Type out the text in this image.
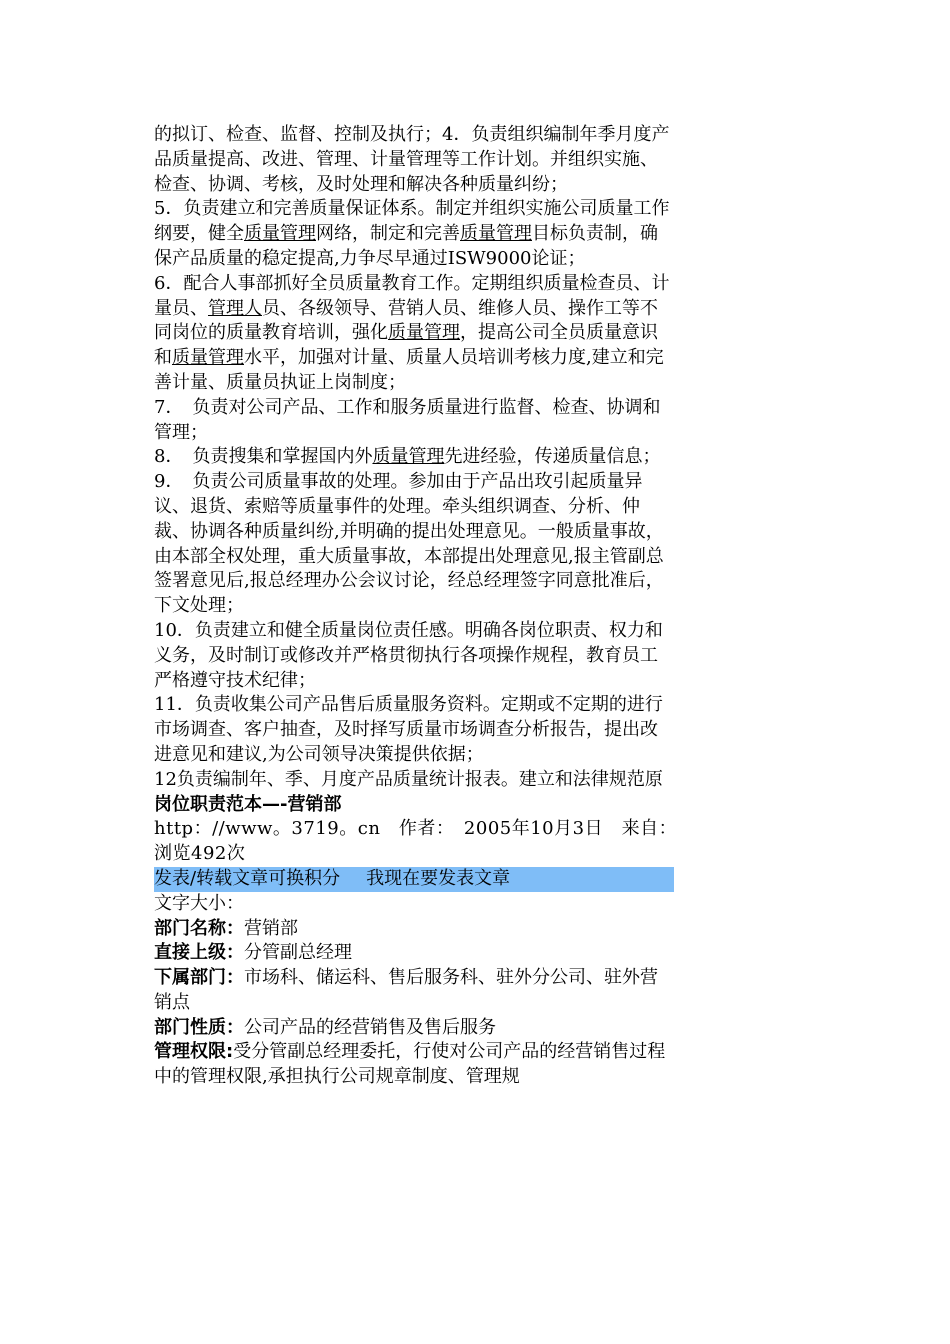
的拟订、检查、监督、控制及执行；4．负责组织编制年季月度产品质量提高、改进、管理、计量管理等工作计划。并组织实施、检查、协调、考核，及时处理和解决各种质量纠纷；

5．负责建立和完善质量保证体系。制定并组织实施公司质量工作纲要，健全质量管理网络，制定和完善质量管理目标负责制，确保产品质量的稳定提高,力争尽早通过ISW9000论证；

6．配合人事部抓好全员质量教育工作。定期组织质量检查员、计量员、管理人员、各级领导、营销人员、维修人员、操作工等不同岗位的质量教育培训，强化质量管理，提高公司全员质量意识和质量管理水平，加强对计量、质量人员培训考核力度,建立和完善计量、质量员执证上岗制度；

7．　负责对公司产品、工作和服务质量进行监督、检查、协调和管理；

8．　负责搜集和掌握国内外质量管理先进经验，传递质量信息；

9．　负责公司质量事故的处理。参加由于产品出玫引起质量异议、退货、索赔等质量事件的处理。牵头组织调查、分析、仲裁、协调各种质量纠纷,并明确的提出处理意见。一般质量事故，由本部全权处理，重大质量事故，本部提出处理意见,报主管副总签署意见后,报总经理办公会议讨论，经总经理签字同意批准后，下文处理；

10．负责建立和健全质量岗位责任感。明确各岗位职责、权力和义务，及时制订或修改并严格贯彻执行各项操作规程，教育员工严格遵守技术纪律；

11．负责收集公司产品售后质量服务资料。定期或不定期的进行市场调查、客户抽查，及时择写质量市场调查分析报告，提出改进意见和建议,为公司领导决策提供依据；

12负责编制年、季、月度产品质量统计报表。建立和法律规范原

岗位职责范本—-营销部

http：//www。3719。cn　作者：　2005年10月3日　来自：　浏览492次

发表/转载文章可换积分 我现在要发表文章

文字大小：

部门名称：营销部

直接上级：分管副总经理

下属部门：市场科、储运科、售后服务科、驻外分公司、驻外营销点

部门性质：公司产品的经营销售及售后服务

管理权限:受分管副总经理委托，行使对公司产品的经营销售过程中的管理权限,承担执行公司规章制度、管理规
